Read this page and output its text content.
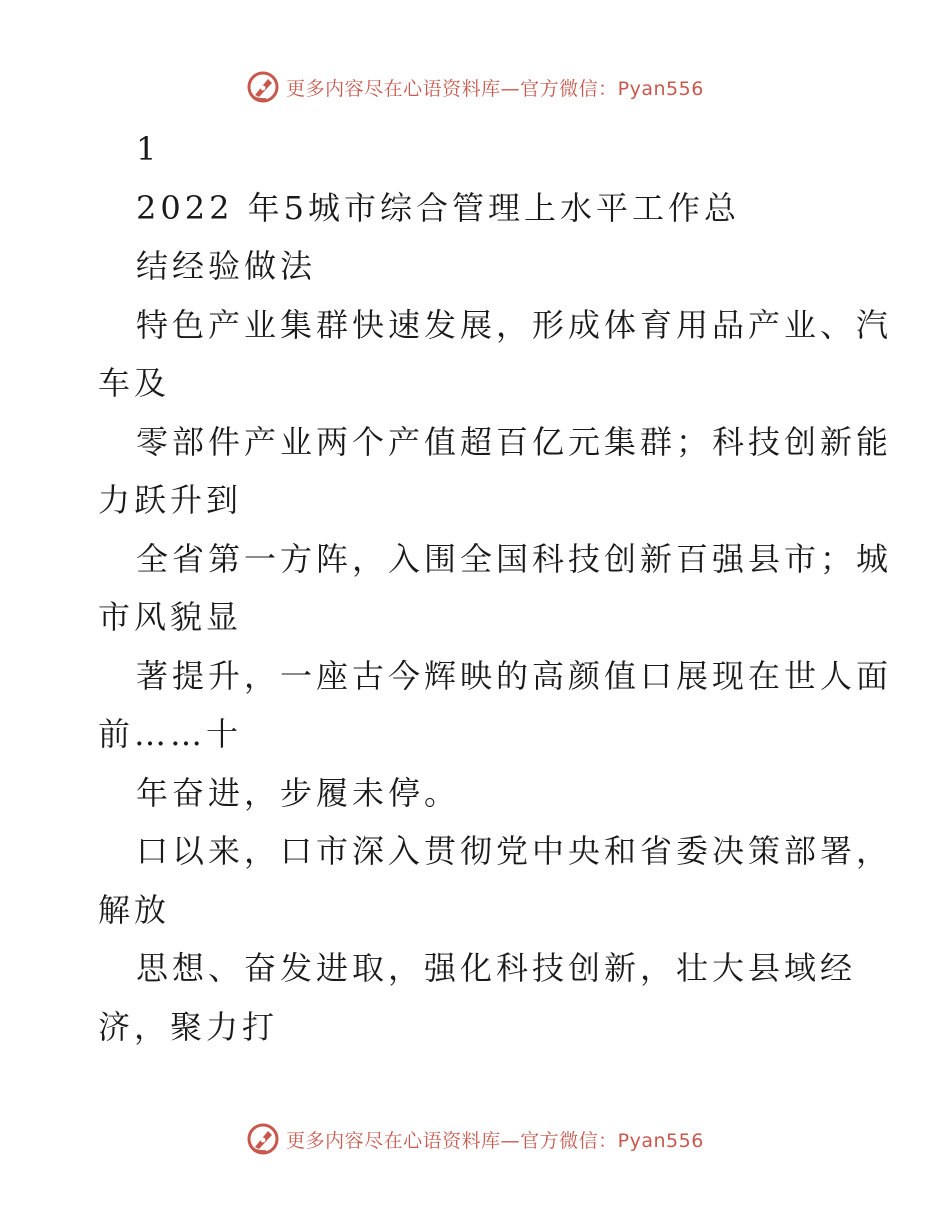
更多内容尽在心语资料库—官方微信：Pyan556
1
2022 年5城市综合管理上水平工作总
结经验做法
特色产业集群快速发展，形成体育用品产业、汽
车及
零部件产业两个产值超百亿元集群；科技创新能
力跃升到
全省第一方阵，入围全国科技创新百强县市；城
市风貌显
著提升，一座古今辉映的高颜值口展现在世人面
前……十
年奋进，步履未停。
口以来，口市深入贯彻党中央和省委决策部署，
解放
思想、奋发进取，强化科技创新，壮大县域经
济，聚力打
更多内容尽在心语资料库—官方微信：Pyan556
